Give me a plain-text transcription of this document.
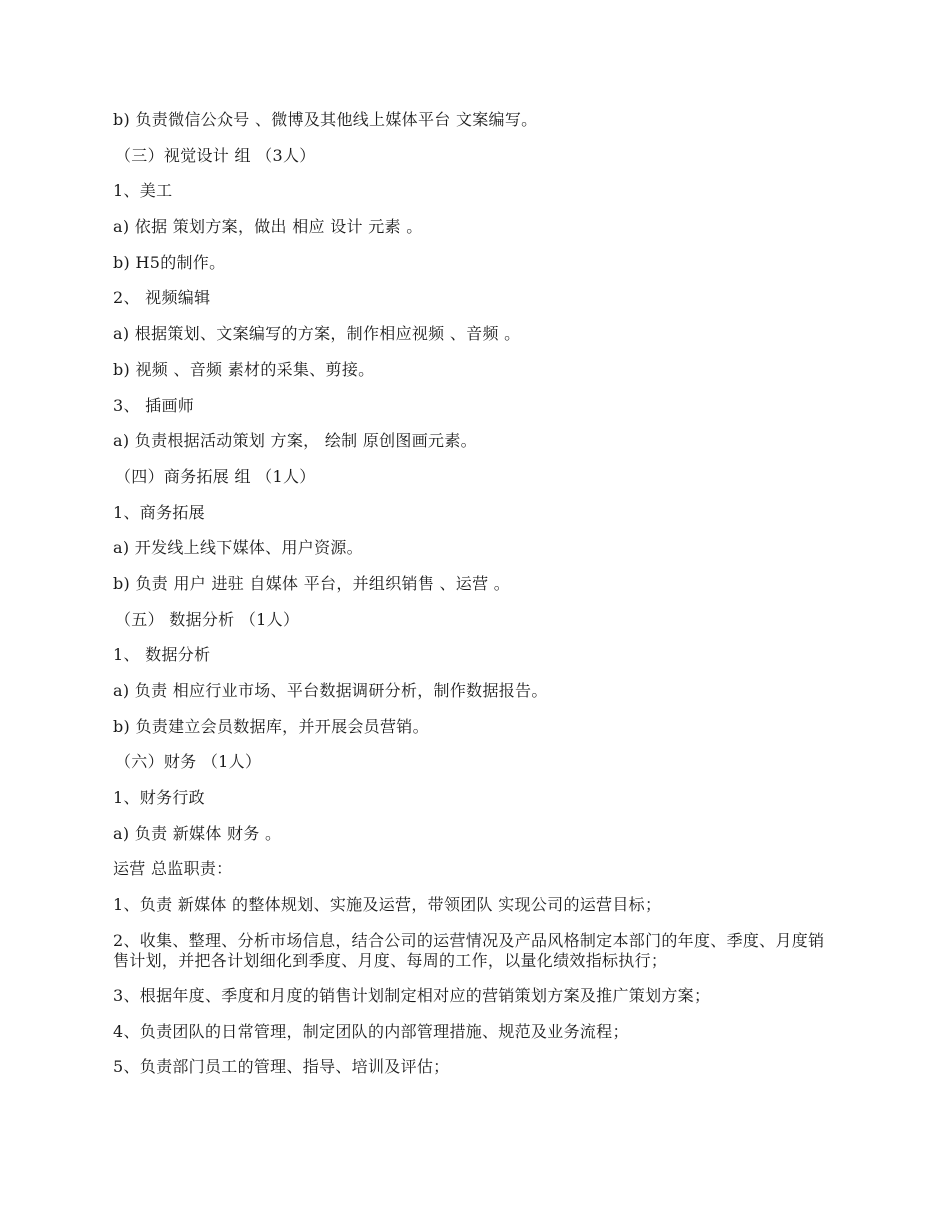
b) 负责微信公众号 、微博及其他线上媒体平台 文案编写。

（三）视觉设计 组 （3人）

1、美工

a) 依据 策划方案，做出 相应 设计 元素 。

b) H5的制作。

2、 视频编辑

a) 根据策划、文案编写的方案，制作相应视频 、音频 。

b) 视频 、音频 素材的采集、剪接。

3、 插画师

a) 负责根据活动策划 方案， 绘制 原创图画元素。

（四）商务拓展 组 （1人）

1、商务拓展

a) 开发线上线下媒体、用户资源。

b) 负责 用户 进驻 自媒体 平台，并组织销售 、运营 。

（五） 数据分析 （1人）

1、 数据分析

a) 负责 相应行业市场、平台数据调研分析，制作数据报告。

b) 负责建立会员数据库，并开展会员营销。

（六）财务 （1人）

1、财务行政

a) 负责 新媒体 财务 。

运营 总监职责：

1、负责 新媒体 的整体规划、实施及运营，带领团队 实现公司的运营目标；

2、收集、整理、分析市场信息，结合公司的运营情况及产品风格制定本部门的年度、季度、月度销售计划，并把各计划细化到季度、月度、每周的工作，以量化绩效指标执行；

3、根据年度、季度和月度的销售计划制定相对应的营销策划方案及推广策划方案；

4、负责团队的日常管理，制定团队的内部管理措施、规范及业务流程；

5、负责部门员工的管理、指导、培训及评估；
